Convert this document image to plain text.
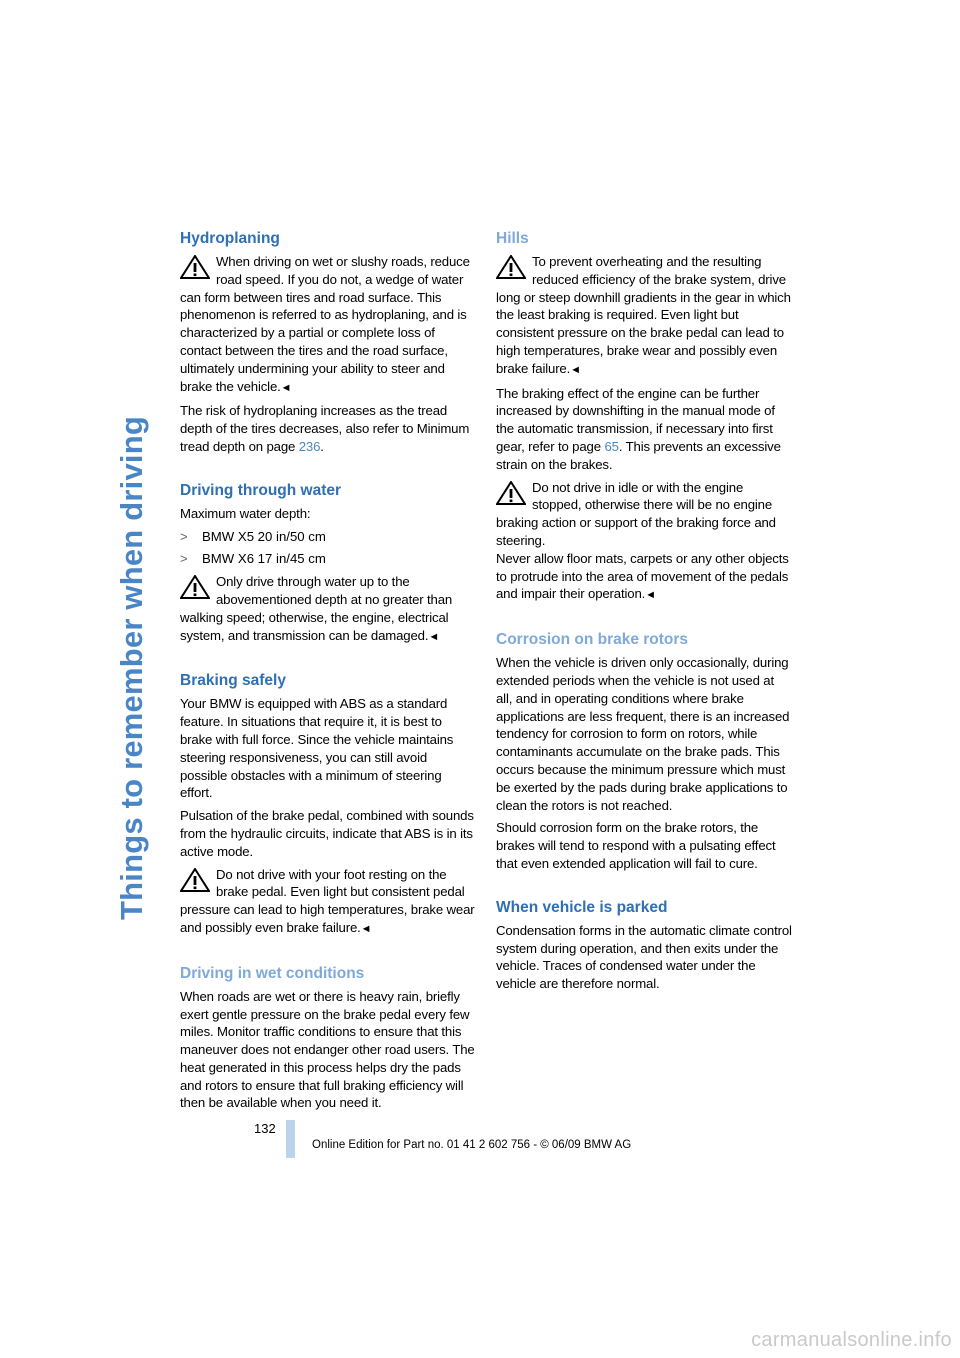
Things to remember when driving
Hydroplaning

When driving on wet or slushy roads, reduce road speed. If you do not, a wedge of water can form between tires and road surface. This phenomenon is referred to as hydroplaning, and is characterized by a partial or complete loss of contact between the tires and the road surface, ultimately undermining your ability to steer and brake the vehicle.◄

The risk of hydroplaning increases as the tread depth of the tires decreases, also refer to Minimum tread depth on page 236.

Driving through water

Maximum water depth:

>	BMW X5 20 in/50 cm
>	BMW X6 17 in/45 cm

Only drive through water up to the abovementioned depth at no greater than walking speed; otherwise, the engine, electrical system, and transmission can be damaged.◄

Braking safely

Your BMW is equipped with ABS as a standard feature. In situations that require it, it is best to brake with full force. Since the vehicle maintains steering responsiveness, you can still avoid possible obstacles with a minimum of steering effort.

Pulsation of the brake pedal, combined with sounds from the hydraulic circuits, indicate that ABS is in its active mode.

Do not drive with your foot resting on the brake pedal. Even light but consistent pedal pressure can lead to high temperatures, brake wear and possibly even brake failure.◄

Driving in wet conditions

When roads are wet or there is heavy rain, briefly exert gentle pressure on the brake pedal every few miles. Monitor traffic conditions to ensure that this maneuver does not endanger other road users. The heat generated in this process helps dry the pads and rotors to ensure that full braking efficiency will then be available when you need it.

Hills

To prevent overheating and the resulting reduced efficiency of the brake system, drive long or steep downhill gradients in the gear in which the least braking is required. Even light but consistent pressure on the brake pedal can lead to high temperatures, brake wear and possibly even brake failure.◄

The braking effect of the engine can be further increased by downshifting in the manual mode of the automatic transmission, if necessary into first gear, refer to page 65. This prevents an excessive strain on the brakes.

Do not drive in idle or with the engine stopped, otherwise there will be no engine braking action or support of the braking force and steering.
Never allow floor mats, carpets or any other objects to protrude into the area of movement of the pedals and impair their operation.◄

Corrosion on brake rotors

When the vehicle is driven only occasionally, during extended periods when the vehicle is not used at all, and in operating conditions where brake applications are less frequent, there is an increased tendency for corrosion to form on rotors, while contaminants accumulate on the brake pads. This occurs because the minimum pressure which must be exerted by the pads during brake applications to clean the rotors is not reached.

Should corrosion form on the brake rotors, the brakes will tend to respond with a pulsating effect that even extended application will fail to cure.

When vehicle is parked

Condensation forms in the automatic climate control system during operation, and then exits under the vehicle. Traces of condensed water under the vehicle are therefore normal.

132
Online Edition for Part no. 01 41 2 602 756 - © 06/09 BMW AG
carmanualsonline.info
